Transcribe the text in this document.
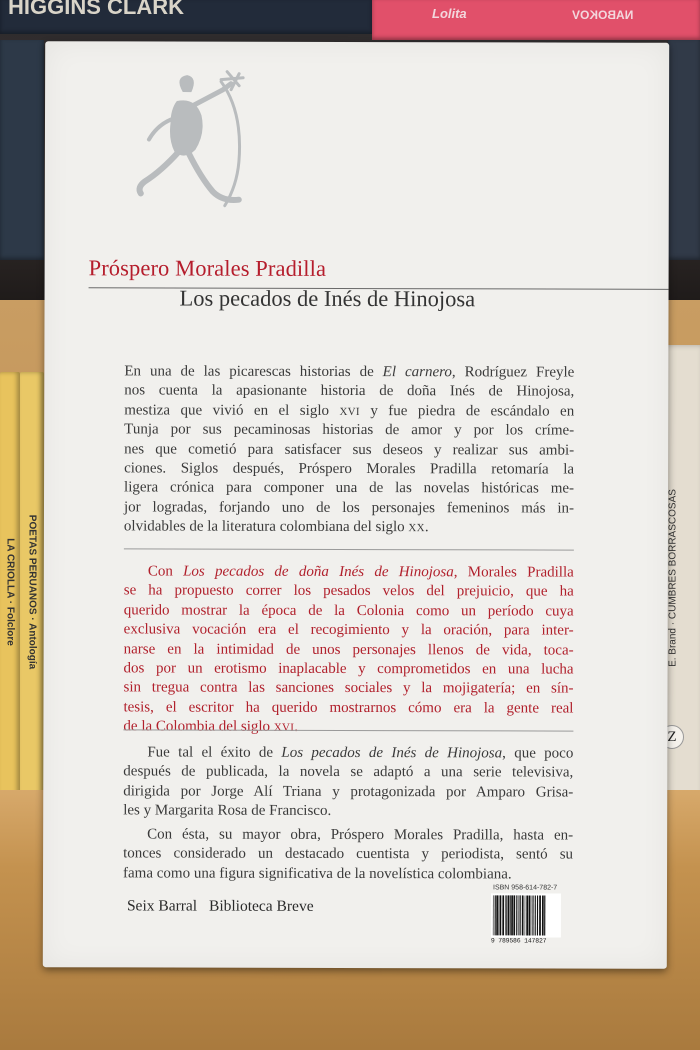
HIGGINS CLARK	Lolita	NABOKOV
LA CRIOLLA · Folclore POETAS PERUANOS · Antología	E. Brand · CUMBRES BORRASCOSAS
Z
Próspero Morales Pradilla
Los pecados de Inés de Hinojosa
En una de las picarescas historias de El carnero, Rodríguez Freyle
nos cuenta la apasionante historia de doña Inés de Hinojosa,
mestiza que vivió en el siglo xvi y fue piedra de escándalo en
Tunja por sus pecaminosas historias de amor y por los críme-
nes que cometió para satisfacer sus deseos y realizar sus ambi-
ciones. Siglos después, Próspero Morales Pradilla retomaría la
ligera crónica para componer una de las novelas históricas me-
jor logradas, forjando uno de los personajes femeninos más in-
olvidables de la literatura colombiana del siglo xx.
Con Los pecados de doña Inés de Hinojosa, Morales Pradilla
se ha propuesto correr los pesados velos del prejuicio, que ha
querido mostrar la época de la Colonia como un período cuya
exclusiva vocación era el recogimiento y la oración, para inter-
narse en la intimidad de unos personajes llenos de vida, toca-
dos por un erotismo inaplacable y comprometidos en una lucha
sin tregua contra las sanciones sociales y la mojigatería; en sín-
tesis, el escritor ha querido mostrarnos cómo era la gente real
de la Colombia del siglo xvi.
Fue tal el éxito de Los pecados de Inés de Hinojosa, que poco
después de publicada, la novela se adaptó a una serie televisiva,
dirigida por Jorge Alí Triana y protagonizada por Amparo Grisa-
les y Margarita Rosa de Francisco.
Con ésta, su mayor obra, Próspero Morales Pradilla, hasta en-
tonces considerado un destacado cuentista y periodista, sentó su
fama como una figura significativa de la novelística colombiana.
Seix Barral Biblioteca Breve
ISBN 958-614-782-7
9 789586 147827
